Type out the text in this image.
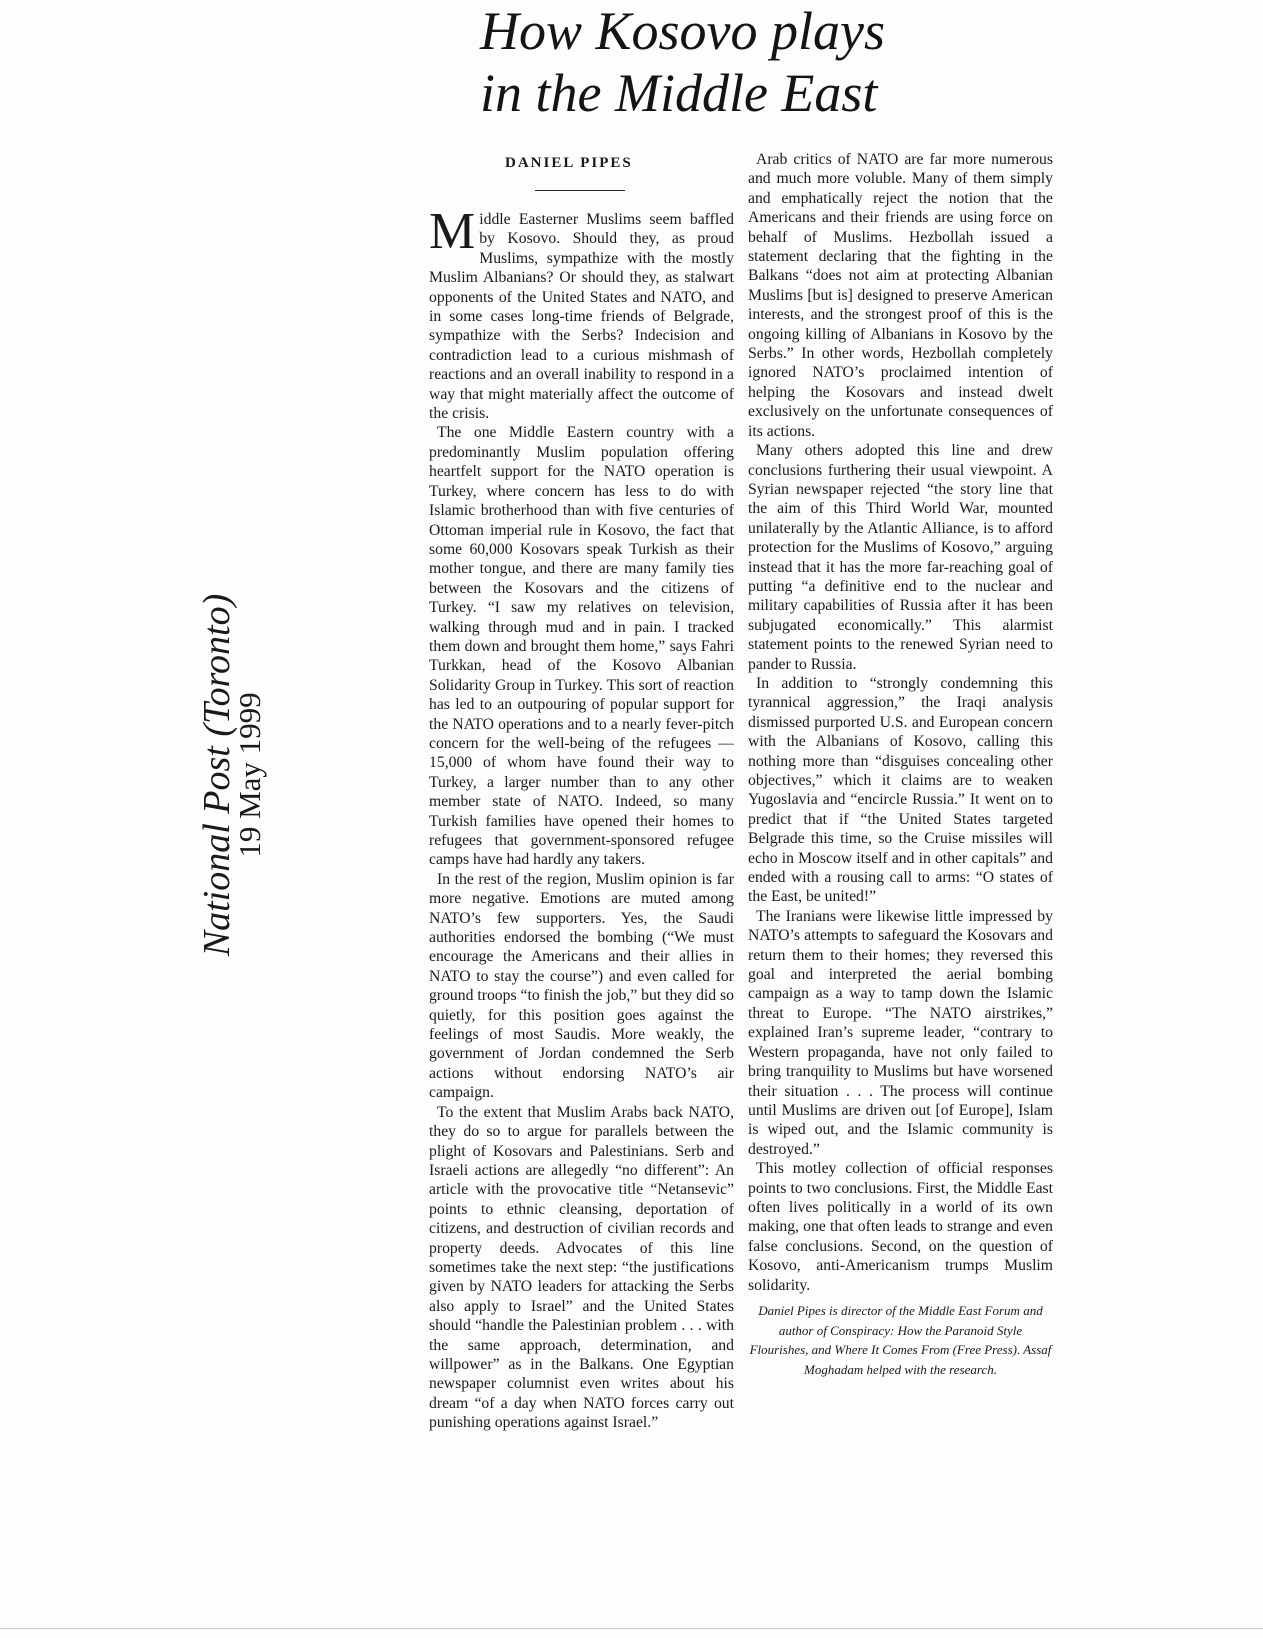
How Kosovo plays
in the Middle East
National Post (Toronto)
19 May 1999
DANIEL PIPES

Middle Easterner Muslims seem baffled by Kosovo. Should they, as proud Muslims, sympathize with the mostly Muslim Albanians? Or should they, as stalwart opponents of the United States and NATO, and in some cases long-time friends of Belgrade, sympathize with the Serbs? Indecision and contradiction lead to a curious mishmash of reactions and an overall inability to respond in a way that might materially affect the outcome of the crisis.

The one Middle Eastern country with a predominantly Muslim population offering heartfelt support for the NATO operation is Turkey, where concern has less to do with Islamic brotherhood than with five centuries of Ottoman imperial rule in Kosovo, the fact that some 60,000 Kosovars speak Turkish as their mother tongue, and there are many family ties between the Kosovars and the citizens of Turkey. “I saw my relatives on television, walking through mud and in pain. I tracked them down and brought them home,” says Fahri Turkkan, head of the Kosovo Albanian Solidarity Group in Turkey. This sort of reaction has led to an outpouring of popular support for the NATO operations and to a nearly fever-pitch concern for the well-being of the refugees — 15,000 of whom have found their way to Turkey, a larger number than to any other member state of NATO. Indeed, so many Turkish families have opened their homes to refugees that government-sponsored refugee camps have had hardly any takers.

In the rest of the region, Muslim opinion is far more negative. Emotions are muted among NATO’s few supporters. Yes, the Saudi authorities endorsed the bombing (“We must encourage the Americans and their allies in NATO to stay the course”) and even called for ground troops “to finish the job,” but they did so quietly, for this position goes against the feelings of most Saudis. More weakly, the government of Jordan condemned the Serb actions without endorsing NATO’s air campaign.

To the extent that Muslim Arabs back NATO, they do so to argue for parallels between the plight of Kosovars and Palestinians. Serb and Israeli actions are allegedly “no different”: An article with the provocative title “Netansevic” points to ethnic cleansing, deportation of citizens, and destruction of civilian records and property deeds. Advocates of this line sometimes take the next step: “the justifications given by NATO leaders for attacking the Serbs also apply to Israel” and the United States should “handle the Palestinian problem . . . with the same approach, determination, and willpower” as in the Balkans. One Egyptian newspaper columnist even writes about his dream “of a day when NATO forces carry out punishing operations against Israel.”

Arab critics of NATO are far more numerous and much more voluble. Many of them simply and emphatically reject the notion that the Americans and their friends are using force on behalf of Muslims. Hezbollah issued a statement declaring that the fighting in the Balkans “does not aim at protecting Albanian Muslims [but is] designed to preserve American interests, and the strongest proof of this is the ongoing killing of Albanians in Kosovo by the Serbs.” In other words, Hezbollah completely ignored NATO’s proclaimed intention of helping the Kosovars and instead dwelt exclusively on the unfortunate consequences of its actions.

Many others adopted this line and drew conclusions furthering their usual viewpoint. A Syrian newspaper rejected “the story line that the aim of this Third World War, mounted unilaterally by the Atlantic Alliance, is to afford protection for the Muslims of Kosovo,” arguing instead that it has the more far-reaching goal of putting “a definitive end to the nuclear and military capabilities of Russia after it has been subjugated economically.” This alarmist statement points to the renewed Syrian need to pander to Russia.

In addition to “strongly condemning this tyrannical aggression,” the Iraqi analysis dismissed purported U.S. and European concern with the Albanians of Kosovo, calling this nothing more than “disguises concealing other objectives,” which it claims are to weaken Yugoslavia and “encircle Russia.” It went on to predict that if “the United States targeted Belgrade this time, so the Cruise missiles will echo in Moscow itself and in other capitals” and ended with a rousing call to arms: “O states of the East, be united!”

The Iranians were likewise little impressed by NATO’s attempts to safeguard the Kosovars and return them to their homes; they reversed this goal and interpreted the aerial bombing campaign as a way to tamp down the Islamic threat to Europe. “The NATO airstrikes,” explained Iran’s supreme leader, “contrary to Western propaganda, have not only failed to bring tranquility to Muslims but have worsened their situation . . . The process will continue until Muslims are driven out [of Europe], Islam is wiped out, and the Islamic community is destroyed.”

This motley collection of official responses points to two conclusions. First, the Middle East often lives politically in a world of its own making, one that often leads to strange and even false conclusions. Second, on the question of Kosovo, anti-Americanism trumps Muslim solidarity.

Daniel Pipes is director of the Middle East Forum and author of Conspiracy: How the Paranoid Style Flourishes, and Where It Comes From (Free Press). Assaf Moghadam helped with the research.
